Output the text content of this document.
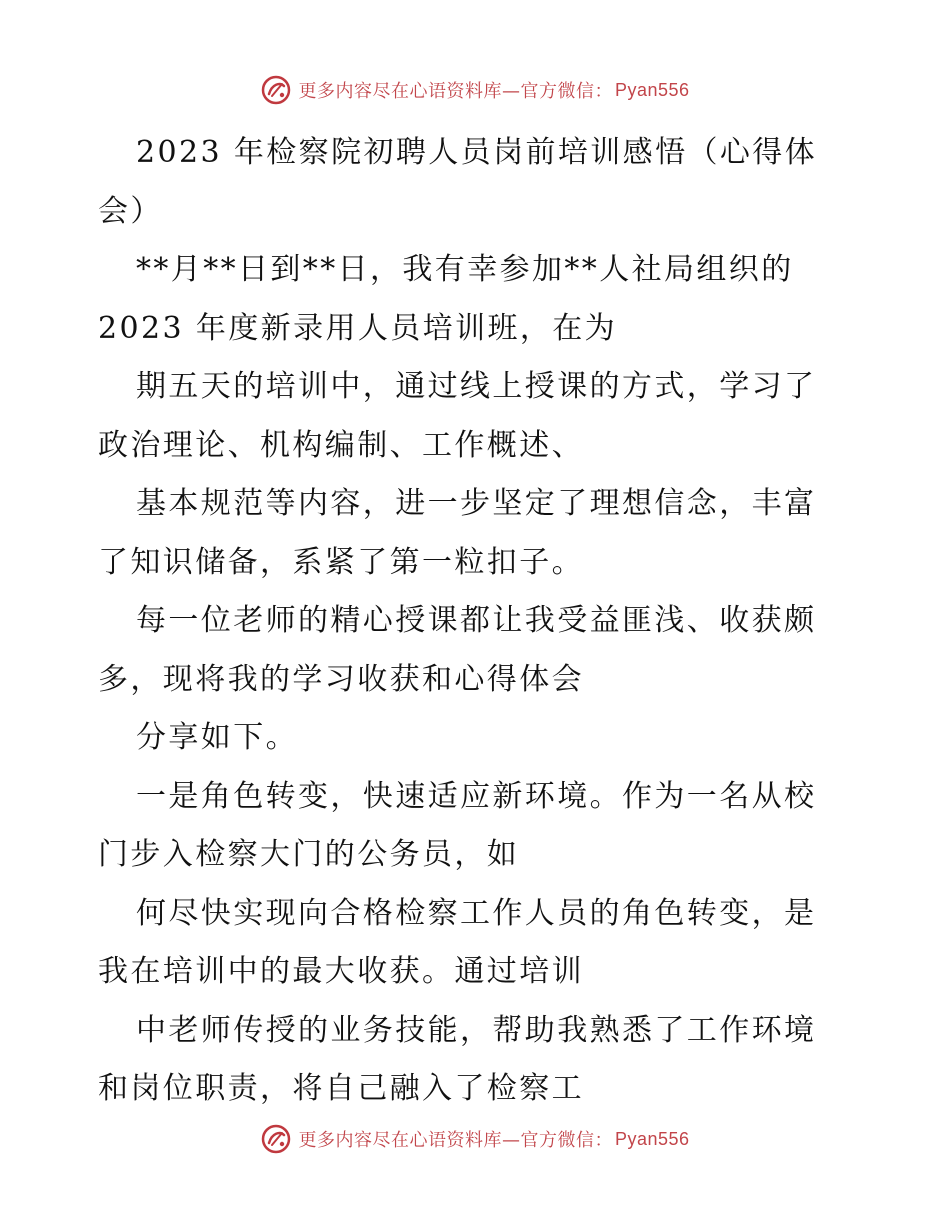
更多内容尽在心语资料库—官方微信： Pyan556
2023 年检察院初聘人员岗前培训感悟（心得体
会）
**月**日到**日，我有幸参加**人社局组织的
2023 年度新录用人员培训班，在为
期五天的培训中，通过线上授课的方式，学习了
政治理论、机构编制、工作概述、
基本规范等内容，进一步坚定了理想信念，丰富
了知识储备，系紧了第一粒扣子。
每一位老师的精心授课都让我受益匪浅、收获颇
多，现将我的学习收获和心得体会
分享如下。
一是角色转变，快速适应新环境。作为一名从校
门步入检察大门的公务员，如
何尽快实现向合格检察工作人员的角色转变，是
我在培训中的最大收获。通过培训
中老师传授的业务技能，帮助我熟悉了工作环境
和岗位职责，将自己融入了检察工
更多内容尽在心语资料库—官方微信： Pyan556
